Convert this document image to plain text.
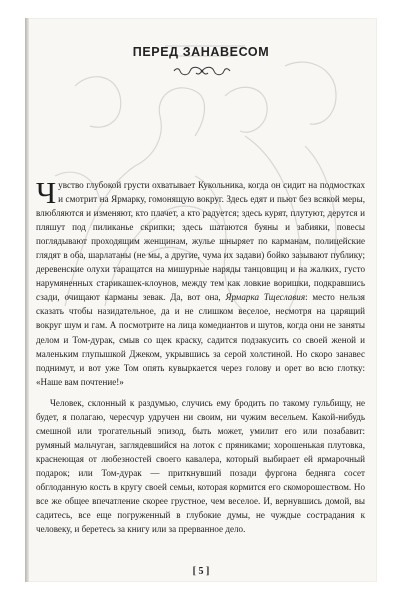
ПЕРЕД ЗАНАВЕСОМ

Чувство глубокой грусти охватывает Кукольника, когда он сидит на подмостках и смотрит на Ярмарку, гомонящую вокруг. Здесь едят и пьют без всякой меры, влюбляются и изменяют, кто плачет, а кто радуется; здесь курят, плутуют, дерутся и пляшут под пиликанье скрипки; здесь шатаются буяны и забияки, повесы поглядывают проходящим женщинам, жулье шныряет по карманам, полицейские глядят в оба, шарлатаны (не мы, а другие, чума их задави) бойко зазывают публику; деревенские олухи таращатся на мишурные наряды танцовщиц и на жалких, густо нарумяненных старикашек-клоунов, между тем как ловкие воришки, подкравшись сзади, очищают карманы зевак. Да, вот она, Ярмарка Тщеславия: место нельзя сказать чтобы назидательное, да и не слишком веселое, несмотря на царящий вокруг шум и гам. А посмотрите на лица комедиантов и шутов, когда они не заняты делом и Том-дурак, смыв со щек краску, садится подзакусить со своей женой и маленьким глупышкой Джеком, укрывшись за серой холстиной. Но скоро занавес поднимут, и вот уже Том опять кувыркается через голову и орет во всю глотку: «Наше вам почтение!»

Человек, склонный к раздумью, случись ему бродить по такому гульбищу, не будет, я полагаю, чересчур удручен ни своим, ни чужим весельем. Какой-нибудь смешной или трогательный эпизод, быть может, умилит его или позабавит: румяный мальчуган, заглядевшийся на лоток с пряниками; хорошенькая плутовка, краснеющая от любезностей своего кавалера, который выбирает ей ярмарочный подарок; или Том-дурак — приткнувший позади фургона бедняга сосет обглоданную кость в кругу своей семьи, которая кормится его скоморошеством. Но все же общее впечатление скорее грустное, чем веселое. И, вернувшись домой, вы садитесь, все еще погруженный в глубокие думы, не чуждые сострадания к человеку, и беретесь за книгу или за прерванное дело.

[ 5 ]
